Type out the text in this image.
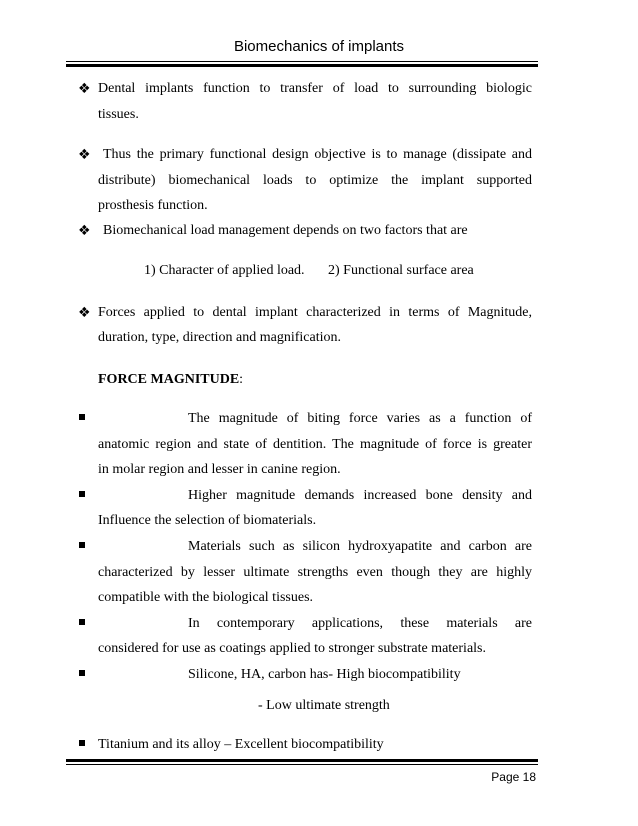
Biomechanics of implants
❖ Dental implants function to transfer of load to surrounding biologic
tissues.
❖ Thus the primary functional design objective is to manage (dissipate and
distribute) biomechanical loads to optimize the implant supported
prosthesis function.
❖ Biomechanical load management depends on two factors that are
1) Character of applied load. 2) Functional surface area
❖ Forces applied to dental implant characterized in terms of Magnitude,
duration, type, direction and magnification.
FORCE MAGNITUDE:
The magnitude of biting force varies as a function of
anatomic region and state of dentition. The magnitude of force is greater
in molar region and lesser in canine region.
Higher magnitude demands increased bone density and
Influence the selection of biomaterials.
Materials such as silicon hydroxyapatite and carbon are
characterized by lesser ultimate strengths even though they are highly
compatible with the biological tissues.
In contemporary applications, these materials are
considered for use as coatings applied to stronger substrate materials.
Silicone, HA, carbon has- High biocompatibility
- Low ultimate strength
Titanium and its alloy – Excellent biocompatibility
Page 18
